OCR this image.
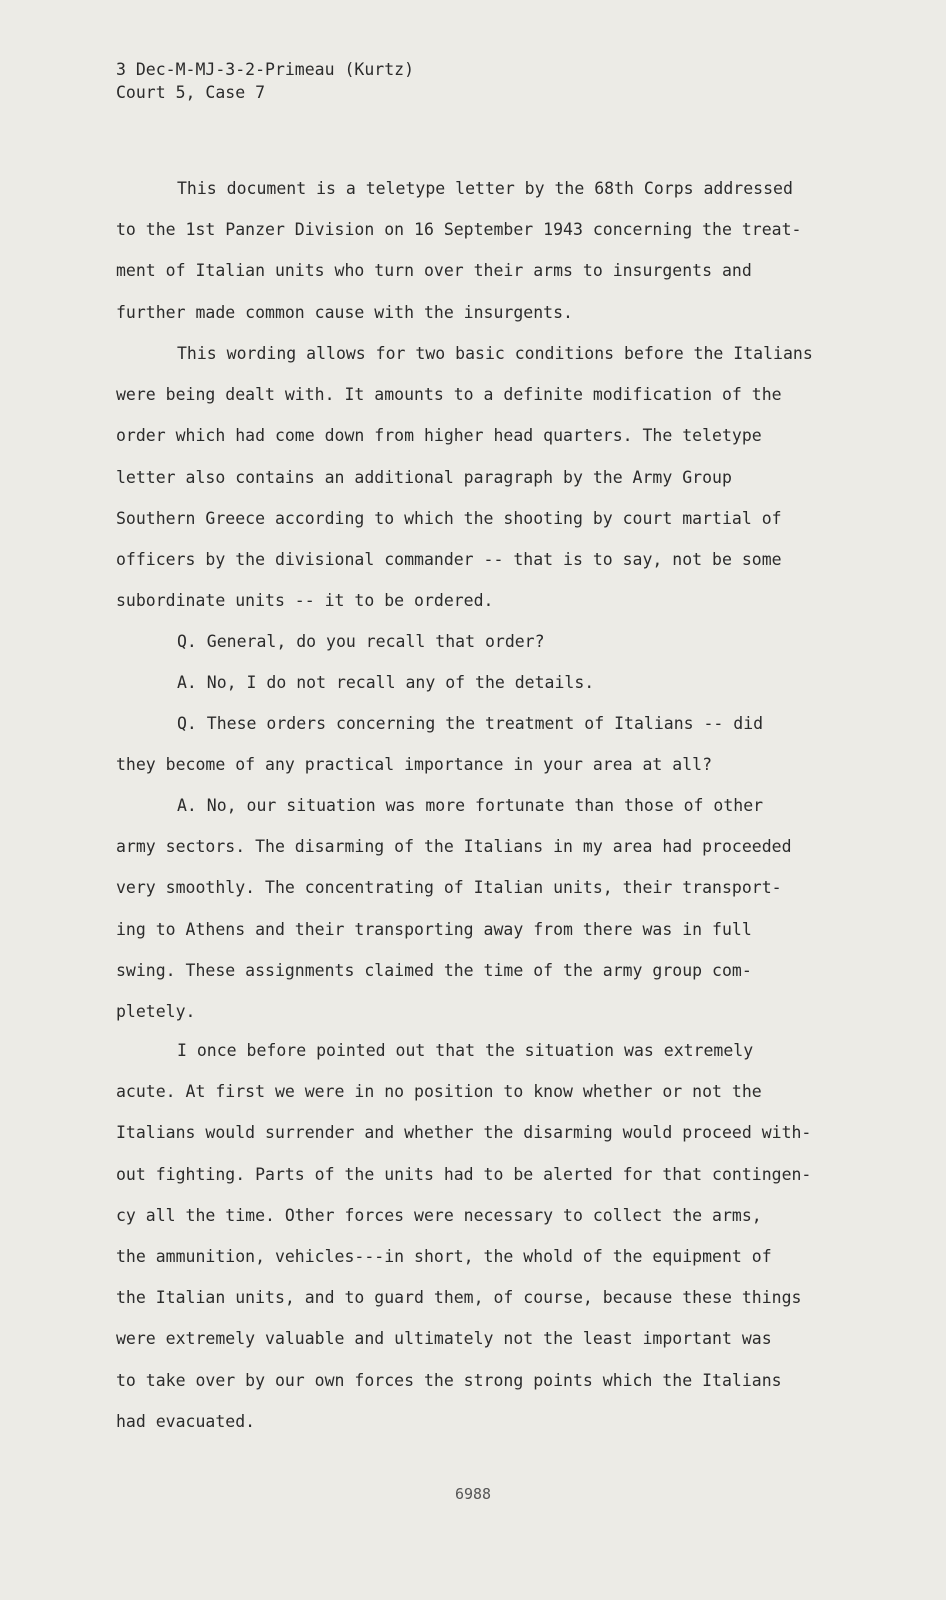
3 Dec-M-MJ-3-2-Primeau (Kurtz)
Court 5, Case 7
This document is a teletype letter by the 68th Corps addressed
to the 1st Panzer Division on 16 September 1943 concerning the treat-
ment of Italian units who turn over their arms to insurgents and
further made common cause with the insurgents.
This wording allows for two basic conditions before the Italians
were being dealt with. It amounts to a definite modification of the
order which had come down from higher head quarters. The teletype
letter also contains an additional paragraph by the Army Group
Southern Greece according to which the shooting by court martial of
officers by the divisional commander -- that is to say, not be some
subordinate units -- it to be ordered.
Q. General, do you recall that order?
A. No, I do not recall any of the details.
Q. These orders concerning the treatment of Italians -- did
they become of any practical importance in your area at all?
A. No, our situation was more fortunate than those of other
army sectors. The disarming of the Italians in my area had proceeded
very smoothly. The concentrating of Italian units, their transport-
ing to Athens and their transporting away from there was in full
swing. These assignments claimed the time of the army group com-
pletely.
I once before pointed out that the situation was extremely
acute. At first we were in no position to know whether or not the
Italians would surrender and whether the disarming would proceed with-
out fighting. Parts of the units had to be alerted for that contingen-
cy all the time. Other forces were necessary to collect the arms,
the ammunition, vehicles---in short, the whold of the equipment of
the Italian units, and to guard them, of course, because these things
were extremely valuable and ultimately not the least important was
to take over by our own forces the strong points which the Italians
had evacuated.
6988
